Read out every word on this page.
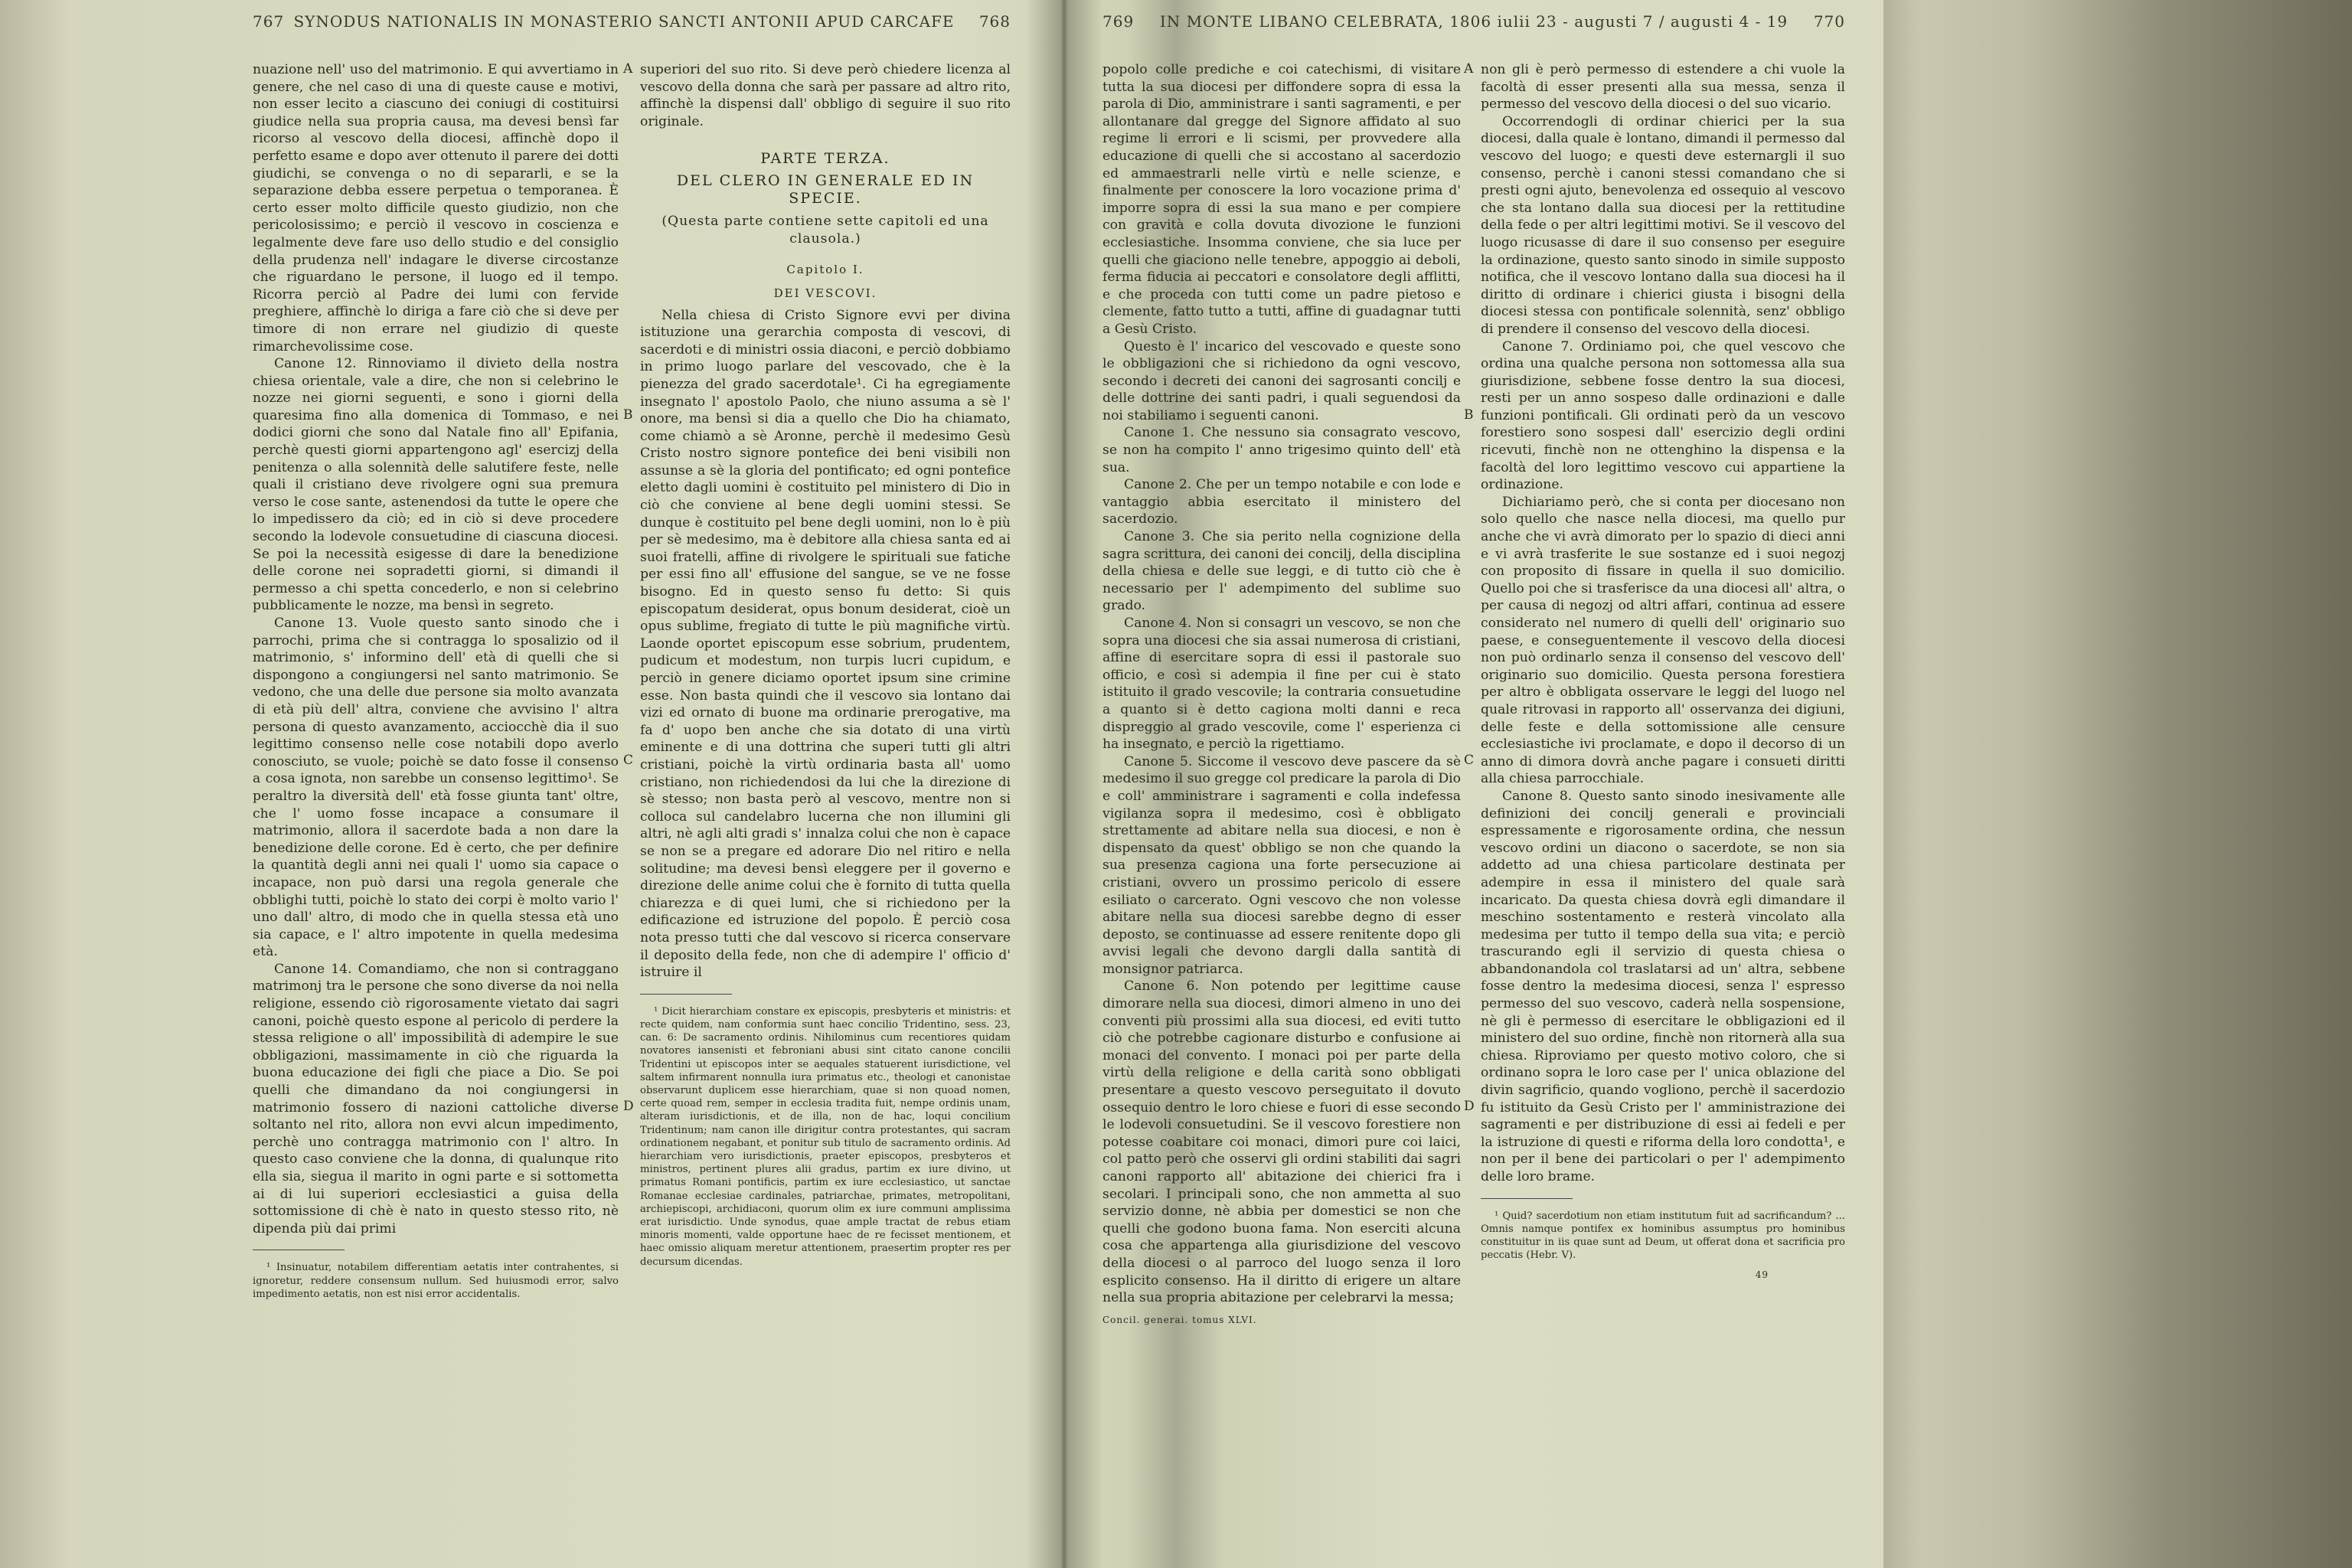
767 SYNODUS NATIONALIS IN MONASTERIO SANCTI ANTONII APUD CARCAFE	768

nuazione nell' uso del matrimonio. E qui avvertiamo in genere, che nel caso di una di queste cause e motivi, non esser lecito a ciascuno dei coniugi di costituirsi giudice nella sua propria causa, ma devesi bensì far ricorso al vescovo della diocesi, affinchè dopo il perfetto esame e dopo aver ottenuto il parere dei dotti giudichi, se convenga o no di separarli, e se la separazione debba essere perpetua o temporanea. È certo esser molto difficile questo giudizio, non che pericolosissimo; e perciò il vescovo in coscienza e legalmente deve fare uso dello studio e del consiglio della prudenza nell' indagare le diverse circostanze che riguardano le persone, il luogo ed il tempo. Ricorra perciò al Padre dei lumi con fervide preghiere, affinchè lo diriga a fare ciò che si deve per timore di non errare nel giudizio di queste rimarchevolissime cose.

Canone 12. Rinnoviamo il divieto della nostra chiesa orientale, vale a dire, che non si celebrino le nozze nei giorni seguenti, e sono i giorni della quaresima fino alla domenica di Tommaso, e nei dodici giorni che sono dal Natale fino all' Epifania, perchè questi giorni appartengono agl' esercizj della penitenza o alla solennità delle salutifere feste, nelle quali il cristiano deve rivolgere ogni sua premura verso le cose sante, astenendosi da tutte le opere che lo impedissero da ciò; ed in ciò si deve procedere secondo la lodevole consuetudine di ciascuna diocesi. Se poi la necessità esigesse di dare la benedizione delle corone nei sopradetti giorni, si dimandi il permesso a chi spetta concederlo, e non si celebrino pubblicamente le nozze, ma bensì in segreto.

Canone 13. Vuole questo santo sinodo che i parrochi, prima che si contragga lo sposalizio od il matrimonio, s' informino dell' età di quelli che si dispongono a congiungersi nel santo matrimonio. Se vedono, che una delle due persone sia molto avanzata di età più dell' altra, conviene che avvisino l' altra persona di questo avanzamento, acciocchè dia il suo legittimo consenso nelle cose notabili dopo averlo conosciuto, se vuole; poichè se dato fosse il consenso a cosa ignota, non sarebbe un consenso legittimo¹. Se peraltro la diversità dell' età fosse giunta tant' oltre, che l' uomo fosse incapace a consumare il matrimonio, allora il sacerdote bada a non dare la benedizione delle corone. Ed è certo, che per definire la quantità degli anni nei quali l' uomo sia capace o incapace, non può darsi una regola generale che obblighi tutti, poichè lo stato dei corpi è molto vario l' uno dall' altro, di modo che in quella stessa età uno sia capace, e l' altro impotente in quella medesima età.

Canone 14. Comandiamo, che non si contraggano matrimonj tra le persone che sono diverse da noi nella religione, essendo ciò rigorosamente vietato dai sagri canoni, poichè questo espone al pericolo di perdere la stessa religione o all' impossibilità di adempire le sue obbligazioni, massimamente in ciò che riguarda la buona educazione dei figli che piace a Dio. Se poi quelli che dimandano da noi congiungersi in matrimonio fossero di nazioni cattoliche diverse soltanto nel rito, allora non evvi alcun impedimento, perchè uno contragga matrimonio con l' altro. In questo caso conviene che la donna, di qualunque rito ella sia, siegua il marito in ogni parte e si sottometta ai di lui superiori ecclesiastici a guisa della sottomissione di chè è nato in questo stesso rito, nè dipenda più dai primi

¹ Insinuatur, notabilem differentiam aetatis inter contrahentes, si ignoretur, reddere consensum nullum. Sed huiusmodi error, salvo impedimento aetatis, non est nisi error accidentalis.

A
B
C
D

superiori del suo rito. Si deve però chiedere licenza al vescovo della donna che sarà per passare ad altro rito, affinchè la dispensi dall' obbligo di seguire il suo rito originale.

PARTE TERZA.

DEL CLERO IN GENERALE ED IN SPECIE.

(Questa parte contiene sette capitoli ed una clausola.)

Capitolo I.

DEI VESCOVI.

Nella chiesa di Cristo Signore evvi per divina istituzione una gerarchia composta di vescovi, di sacerdoti e di ministri ossia diaconi, e perciò dobbiamo in primo luogo parlare del vescovado, che è la pienezza del grado sacerdotale¹. Ci ha egregiamente insegnato l' apostolo Paolo, che niuno assuma a sè l' onore, ma bensì si dia a quello che Dio ha chiamato, come chiamò a sè Aronne, perchè il medesimo Gesù Cristo nostro signore pontefice dei beni visibili non assunse a sè la gloria del pontificato; ed ogni pontefice eletto dagli uomini è costituito pel ministero di Dio in ciò che conviene al bene degli uomini stessi. Se dunque è costituito pel bene degli uomini, non lo è più per sè medesimo, ma è debitore alla chiesa santa ed ai suoi fratelli, affine di rivolgere le spirituali sue fatiche per essi fino all' effusione del sangue, se ve ne fosse bisogno. Ed in questo senso fu detto: Si quis episcopatum desiderat, opus bonum desiderat, cioè un opus sublime, fregiato di tutte le più magnifiche virtù. Laonde oportet episcopum esse sobrium, prudentem, pudicum et modestum, non turpis lucri cupidum, e perciò in genere diciamo oportet ipsum sine crimine esse. Non basta quindi che il vescovo sia lontano dai vizi ed ornato di buone ma ordinarie prerogative, ma fa d' uopo ben anche che sia dotato di una virtù eminente e di una dottrina che superi tutti gli altri cristiani, poichè la virtù ordinaria basta all' uomo cristiano, non richiedendosi da lui che la direzione di sè stesso; non basta però al vescovo, mentre non si colloca sul candelabro lucerna che non illumini gli altri, nè agli alti gradi s' innalza colui che non è capace se non se a pregare ed adorare Dio nel ritiro e nella solitudine; ma devesi bensì eleggere per il governo e direzione delle anime colui che è fornito di tutta quella chiarezza e di quei lumi, che si richiedono per la edificazione ed istruzione del popolo. È perciò cosa nota presso tutti che dal vescovo si ricerca conservare il deposito della fede, non che di adempire l' officio d' istruire il

¹ Dicit hierarchiam constare ex episcopis, presbyteris et ministris: et recte quidem, nam conformia sunt haec concilio Tridentino, sess. 23, can. 6: De sacramento ordinis. Nihilominus cum recentiores quidam novatores iansenisti et febroniani abusi sint citato canone concilii Tridentini ut episcopos inter se aequales statuerent iurisdictione, vel saltem infirmarent nonnulla iura primatus etc., theologi et canonistae observarunt duplicem esse hierarchiam, quae si non quoad nomen, certe quoad rem, semper in ecclesia tradita fuit, nempe ordinis unam, alteram iurisdictionis, et de illa, non de hac, loqui concilium Tridentinum; nam canon ille dirigitur contra protestantes, qui sacram ordinationem negabant, et ponitur sub titulo de sacramento ordinis. Ad hierarchiam vero iurisdictionis, praeter episcopos, presbyteros et ministros, pertinent plures alii gradus, partim ex iure divino, ut primatus Romani pontificis, partim ex iure ecclesiastico, ut sanctae Romanae ecclesiae cardinales, patriarchae, primates, metropolitani, archiepiscopi, archidiaconi, quorum olim ex iure communi amplissima erat iurisdictio. Unde synodus, quae ample tractat de rebus etiam minoris momenti, valde opportune haec de re fecisset mentionem, et haec omissio aliquam meretur attentionem, praesertim propter res per decursum dicendas.

769	IN MONTE LIBANO CELEBRATA, 1806 iulii 23 - augusti 7 / augusti 4 - 19	770

popolo colle prediche e coi catechismi, di visitare tutta la sua diocesi per diffondere sopra di essa la parola di Dio, amministrare i santi sagramenti, e per allontanare dal gregge del Signore affidato al suo regime li errori e li scismi, per provvedere alla educazione di quelli che si accostano al sacerdozio ed ammaestrarli nelle virtù e nelle scienze, e finalmente per conoscere la loro vocazione prima d' imporre sopra di essi la sua mano e per compiere con gravità e colla dovuta divozione le funzioni ecclesiastiche. Insomma conviene, che sia luce per quelli che giaciono nelle tenebre, appoggio ai deboli, ferma fiducia ai peccatori e consolatore degli afflitti, e che proceda con tutti come un padre pietoso e clemente, fatto tutto a tutti, affine di guadagnar tutti a Gesù Cristo.

Questo è l' incarico del vescovado e queste sono le obbligazioni che si richiedono da ogni vescovo, secondo i decreti dei canoni dei sagrosanti concilj e delle dottrine dei santi padri, i quali seguendosi da noi stabiliamo i seguenti canoni.

Canone 1. Che nessuno sia consagrato vescovo, se non ha compito l' anno trigesimo quinto dell' età sua.

Canone 2. Che per un tempo notabile e con lode e vantaggio abbia esercitato il ministero del sacerdozio.

Canone 3. Che sia perito nella cognizione della sagra scrittura, dei canoni dei concilj, della disciplina della chiesa e delle sue leggi, e di tutto ciò che è necessario per l' adempimento del sublime suo grado.

Canone 4. Non si consagri un vescovo, se non che sopra una diocesi che sia assai numerosa di cristiani, affine di esercitare sopra di essi il pastorale suo officio, e così si adempia il fine per cui è stato istituito il grado vescovile; la contraria consuetudine a quanto si è detto cagiona molti danni e reca dispreggio al grado vescovile, come l' esperienza ci ha insegnato, e perciò la rigettiamo.

Canone 5. Siccome il vescovo deve pascere da sè medesimo il suo gregge col predicare la parola di Dio e coll' amministrare i sagramenti e colla indefessa vigilanza sopra il medesimo, così è obbligato strettamente ad abitare nella sua diocesi, e non è dispensato da quest' obbligo se non che quando la sua presenza cagiona una forte persecuzione ai cristiani, ovvero un prossimo pericolo di essere esiliato o carcerato. Ogni vescovo che non volesse abitare nella sua diocesi sarebbe degno di esser deposto, se continuasse ad essere renitente dopo gli avvisi legali che devono dargli dalla santità di monsignor patriarca.

Canone 6. Non potendo per legittime cause dimorare nella sua diocesi, dimori almeno in uno dei conventi più prossimi alla sua diocesi, ed eviti tutto ciò che potrebbe cagionare disturbo e confusione ai monaci del convento. I monaci poi per parte della virtù della religione e della carità sono obbligati presentare a questo vescovo perseguitato il dovuto ossequio dentro le loro chiese e fuori di esse secondo le lodevoli consuetudini. Se il vescovo forestiere non potesse coabitare coi monaci, dimori pure coi laici, col patto però che osservi gli ordini stabiliti dai sagri canoni rapporto all' abitazione dei chierici fra i secolari. I principali sono, che non ammetta al suo servizio donne, nè abbia per domestici se non che quelli che godono buona fama. Non eserciti alcuna cosa che appartenga alla giurisdizione del vescovo della diocesi o al parroco del luogo senza il loro esplicito consenso. Ha il diritto di erigere un altare nella sua propria abitazione per celebrarvi la messa;

Concil. generai. tomus XLVI.
A
B
C
D

non gli è però permesso di estendere a chi vuole la facoltà di esser presenti alla sua messa, senza il permesso del vescovo della diocesi o del suo vicario.

Occorrendogli di ordinar chierici per la sua diocesi, dalla quale è lontano, dimandi il permesso dal vescovo del luogo; e questi deve esternargli il suo consenso, perchè i canoni stessi comandano che si presti ogni ajuto, benevolenza ed ossequio al vescovo che sta lontano dalla sua diocesi per la rettitudine della fede o per altri legittimi motivi. Se il vescovo del luogo ricusasse di dare il suo consenso per eseguire la ordinazione, questo santo sinodo in simile supposto notifica, che il vescovo lontano dalla sua diocesi ha il diritto di ordinare i chierici giusta i bisogni della diocesi stessa con pontificale solennità, senz' obbligo di prendere il consenso del vescovo della diocesi.

Canone 7. Ordiniamo poi, che quel vescovo che ordina una qualche persona non sottomessa alla sua giurisdizione, sebbene fosse dentro la sua diocesi, resti per un anno sospeso dalle ordinazioni e dalle funzioni pontificali. Gli ordinati però da un vescovo forestiero sono sospesi dall' esercizio degli ordini ricevuti, finchè non ne ottenghino la dispensa e la facoltà del loro legittimo vescovo cui appartiene la ordinazione.

Dichiariamo però, che si conta per diocesano non solo quello che nasce nella diocesi, ma quello pur anche che vi avrà dimorato per lo spazio di dieci anni e vi avrà trasferite le sue sostanze ed i suoi negozj con proposito di fissare in quella il suo domicilio. Quello poi che si trasferisce da una diocesi all' altra, o per causa di negozj od altri affari, continua ad essere considerato nel numero di quelli dell' originario suo paese, e conseguentemente il vescovo della diocesi non può ordinarlo senza il consenso del vescovo dell' originario suo domicilio. Questa persona forestiera per altro è obbligata osservare le leggi del luogo nel quale ritrovasi in rapporto all' osservanza dei digiuni, delle feste e della sottomissione alle censure ecclesiastiche ivi proclamate, e dopo il decorso di un anno di dimora dovrà anche pagare i consueti diritti alla chiesa parrocchiale.

Canone 8. Questo santo sinodo inesivamente alle definizioni dei concilj generali e provinciali espressamente e rigorosamente ordina, che nessun vescovo ordini un diacono o sacerdote, se non sia addetto ad una chiesa particolare destinata per adempire in essa il ministero del quale sarà incaricato. Da questa chiesa dovrà egli dimandare il meschino sostentamento e resterà vincolato alla medesima per tutto il tempo della sua vita; e perciò trascurando egli il servizio di questa chiesa o abbandonandola col traslatarsi ad un' altra, sebbene fosse dentro la medesima diocesi, senza l' espresso permesso del suo vescovo, caderà nella sospensione, nè gli è permesso di esercitare le obbligazioni ed il ministero del suo ordine, finchè non ritornerà alla sua chiesa. Riproviamo per questo motivo coloro, che si ordinano sopra le loro case per l' unica oblazione del divin sagrificio, quando vogliono, perchè il sacerdozio fu istituito da Gesù Cristo per l' amministrazione dei sagramenti e per distribuzione di essi ai fedeli e per la istruzione di questi e riforma della loro condotta¹, e non per il bene dei particolari o per l' adempimento delle loro brame.

¹ Quid? sacerdotium non etiam institutum fuit ad sacrificandum? ... Omnis namque pontifex ex hominibus assumptus pro hominibus constituitur in iis quae sunt ad Deum, ut offerat dona et sacrificia pro peccatis (Hebr. V).

49
